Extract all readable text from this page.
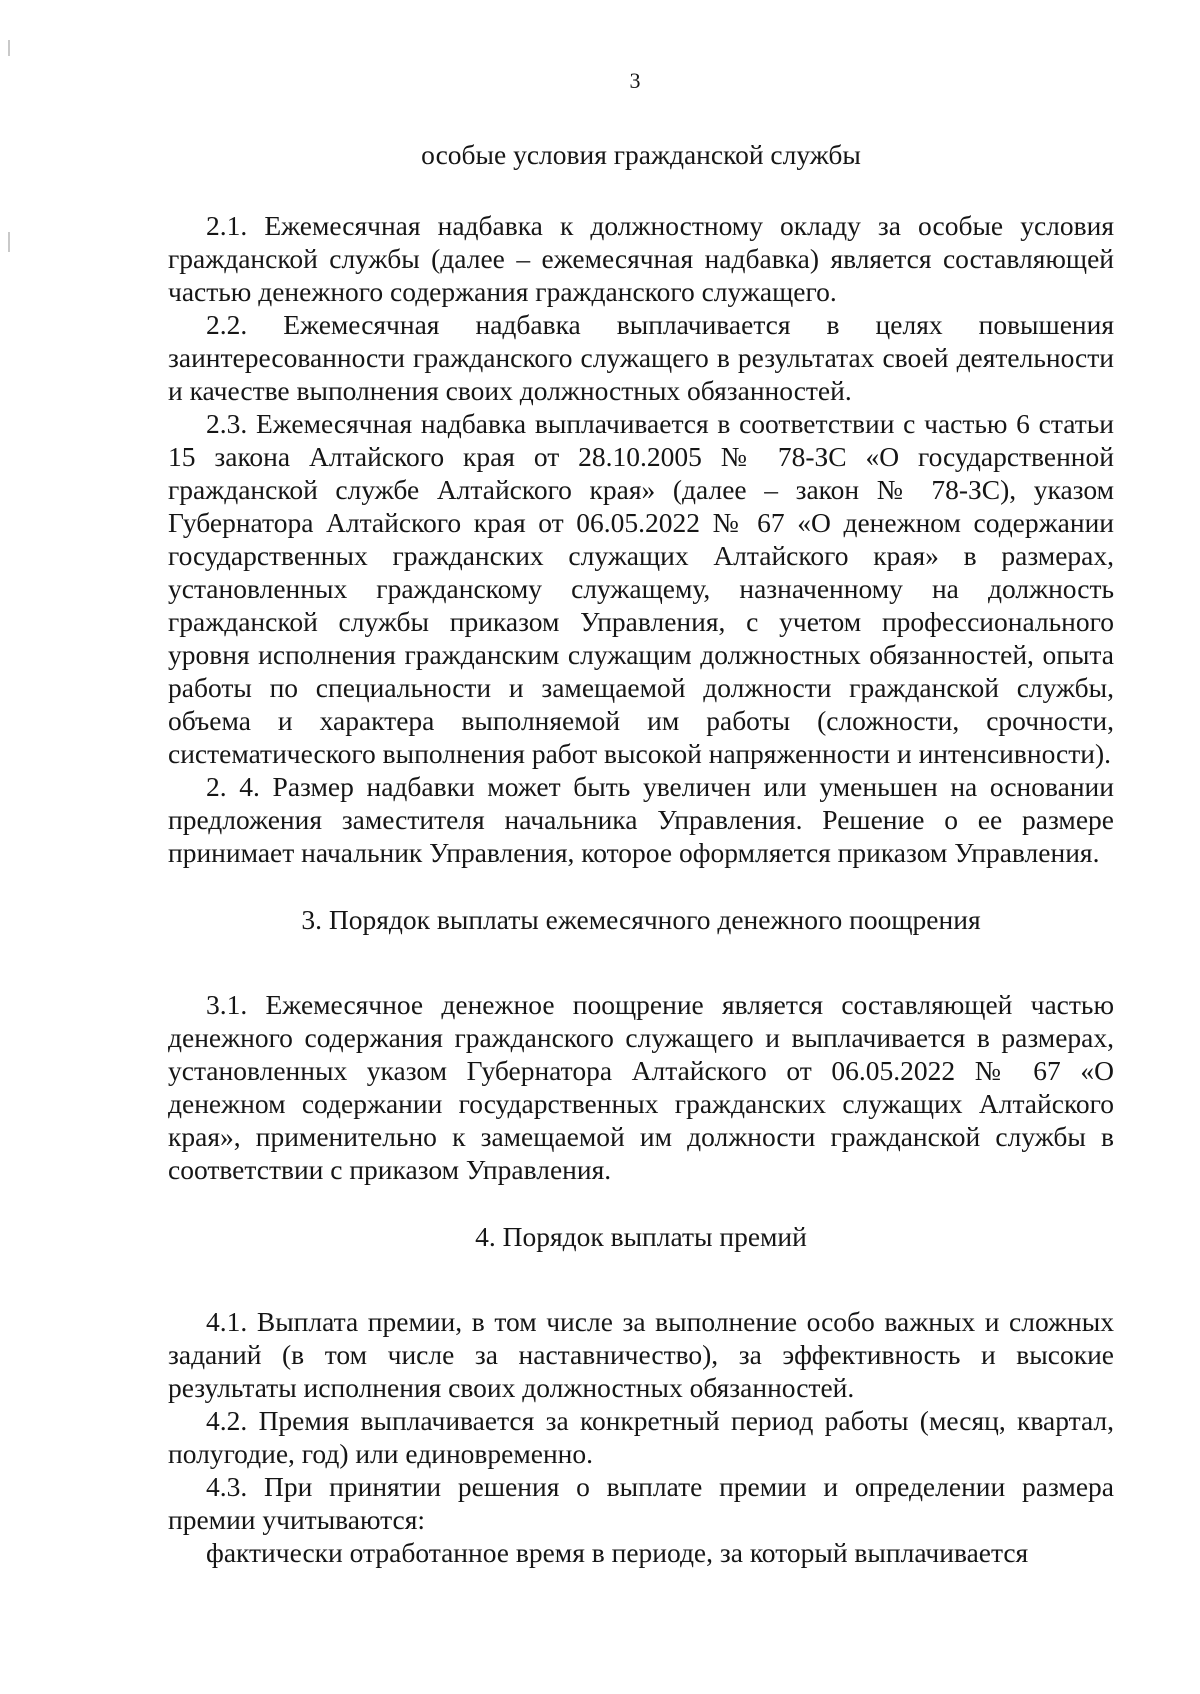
3

особые условия гражданской службы

2.1. Ежемесячная надбавка к должностному окладу за особые условия гражданской службы (далее – ежемесячная надбавка) является составляющей частью денежного содержания гражданского служащего.

2.2. Ежемесячная надбавка выплачивается в целях повышения заинтересованности гражданского служащего в результатах своей деятельности и качестве выполнения своих должностных обязанностей.

2.3. Ежемесячная надбавка выплачивается в соответствии с частью 6 статьи 15 закона Алтайского края от 28.10.2005 № 78-ЗС «О государственной гражданской службе Алтайского края» (далее – закон № 78-ЗС), указом Губернатора Алтайского края от 06.05.2022 № 67 «О денежном содержании государственных гражданских служащих Алтайского края» в размерах, установленных гражданскому служащему, назначенному на должность гражданской службы приказом Управления, с учетом профессионального уровня исполнения гражданским служащим должностных обязанностей, опыта работы по специальности и замещаемой должности гражданской службы, объема и характера выполняемой им работы (сложности, срочности, систематического выполнения работ высокой напряженности и интенсивности).

2. 4. Размер надбавки может быть увеличен или уменьшен на основании предложения заместителя начальника Управления. Решение о ее размере принимает начальник Управления, которое оформляется приказом Управления.

3. Порядок выплаты ежемесячного денежного поощрения

3.1. Ежемесячное денежное поощрение является составляющей частью денежного содержания гражданского служащего и выплачивается в размерах, установленных указом Губернатора Алтайского от 06.05.2022 № 67 «О денежном содержании государственных гражданских служащих Алтайского края», применительно к замещаемой им должности гражданской службы в соответствии с приказом Управления.

4. Порядок выплаты премий

4.1. Выплата премии, в том числе за выполнение особо важных и сложных заданий (в том числе за наставничество), за эффективность и высокие результаты исполнения своих должностных обязанностей.

4.2. Премия выплачивается за конкретный период работы (месяц, квартал, полугодие, год) или единовременно.

4.3. При принятии решения о выплате премии и определении размера премии учитываются:

фактически отработанное время в периоде, за который выплачивается
